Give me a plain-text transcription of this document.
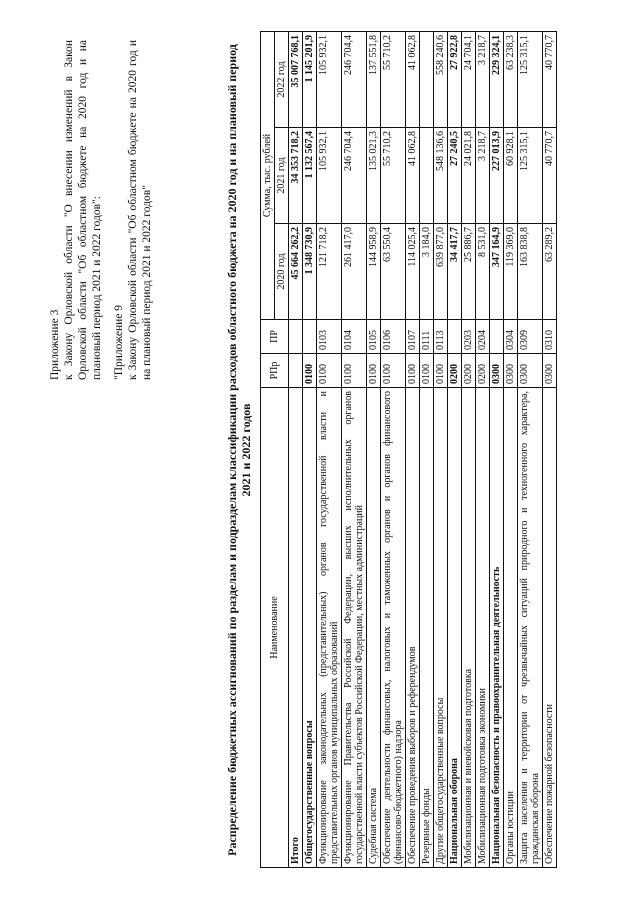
Приложение 3 к Закону Орловской области "О внесении изменений в Закон Орловской области "Об областном бюджете на 2020 год и на плановый период 2021 и 2022 годов": "Приложение 9 к Закону Орловской области "Об областном бюджете на 2020 год и на плановый период 2021 и 2022 годов"	Распределение бюджетных ассигнований по разделам и подразделам классификации расходов областного бюджета на 2020 год и на плановый период 2021 и 2022 годов
Наименование	РПр	ПР	Сумма, тыс. рублей		
			2020 год	2021 год	2022 год
Итого			45 664 262,2	34 353 718,2	35 007 768,1
Общегосударственные вопросы	0100		1 348 730,9	1 132 567,4	1 145 201,9
Функционирование законодательных (представительных) органов государственной власти и представительных органов муниципальных образований	0100	0103	121 718,2	105 932,1	105 932,1
Функционирование Правительства Российской Федерации, высших исполнительных органов государственной власти субъектов Российской Федерации, местных администраций	0100	0104	261 417,0	246 704,4	246 704,4
Судебная система	0100	0105	144 958,9	135 021,3	137 551,8
Обеспечение деятельности финансовых, налоговых и таможенных органов и органов финансового (финансово-бюджетного) надзора	0100	0106	63 550,4	55 710,2	55 710,2
Обеспечение проведения выборов и референдумов	0100	0107	114 025,4	41 062,8	41 062,8
Резервные фонды	0100	0111	3 184,0		
Другие общегосударственные вопросы	0100	0113	639 877,0	548 136,6	558 240,6
Национальная оборона	0200		34 417,7	27 240,5	27 922,8
Мобилизационная и вневойсковая подготовка	0200	0203	25 886,7	24 021,8	24 704,1
Мобилизационная подготовка экономики	0200	0204	8 531,0	3 218,7	3 218,7
Национальная безопасность и правоохранительная деятельность	0300		347 164,9	227 013,9	229 324,1
Органы юстиции	0300	0304	119 369,0	60 928,1	63 238,3
Защита населения и территории от чрезвычайных ситуаций природного и техногенного характера, гражданская оборона	0300	0309	163 838,8	125 315,1	125 315,1
Обеспечение пожарной безопасности	0300	0310	63 289,2	40 770,7	40 770,7
